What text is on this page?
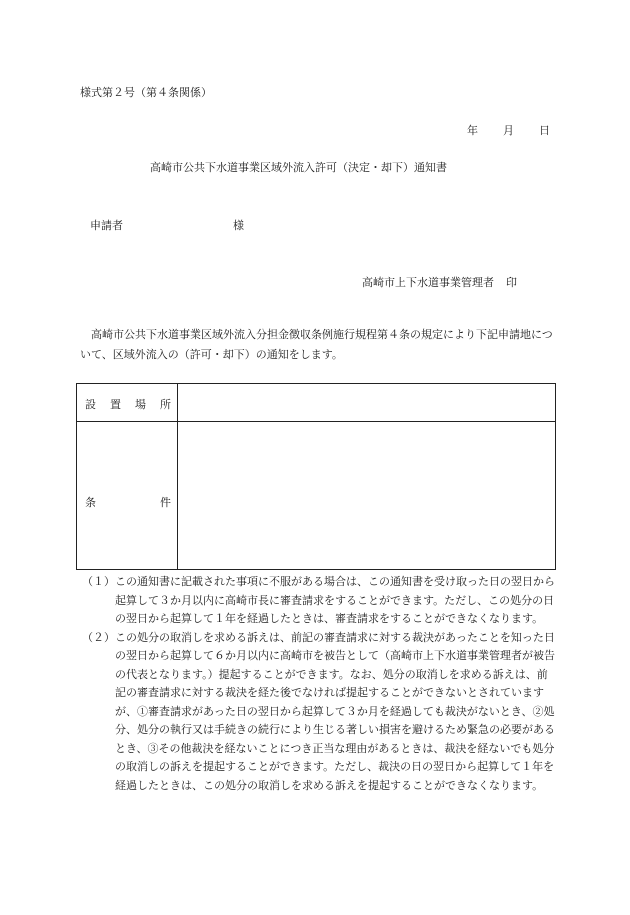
様式第２号（第４条関係）
年 月 日
高崎市公共下水道事業区域外流入許可（決定・却下）通知書
申請者	様
高崎市上下水道事業管理者 印
高崎市公共下水道事業区域外流入分担金徴収条例施行規程第４条の規定により下記申請地について、区域外流入の（許可・却下）の通知をします。
設 置 場 所
条	件
（１） この通知書に記載された事項に不服がある場合は、この通知書を受け取った日の翌日から起算して３か月以内に高崎市長に審査請求をすることができます。ただし、この処分の日の翌日から起算して１年を経過したときは、審査請求をすることができなくなります。
（２） この処分の取消しを求める訴えは、前記の審査請求に対する裁決があったことを知った日の翌日から起算して６か月以内に高崎市を被告として（高崎市上下水道事業管理者が被告の代表となります。）提起することができます。なお、処分の取消しを求める訴えは、前記の審査請求に対する裁決を経た後でなければ提起することができないとされていますが、①審査請求があった日の翌日から起算して３か月を経過しても裁決がないとき、②処分、処分の執行又は手続きの続行により生じる著しい損害を避けるため緊急の必要があるとき、③その他裁決を経ないことにつき正当な理由があるときは、裁決を経ないでも処分の取消しの訴えを提起することができます。ただし、裁決の日の翌日から起算して１年を経過したときは、この処分の取消しを求める訴えを提起することができなくなります。
